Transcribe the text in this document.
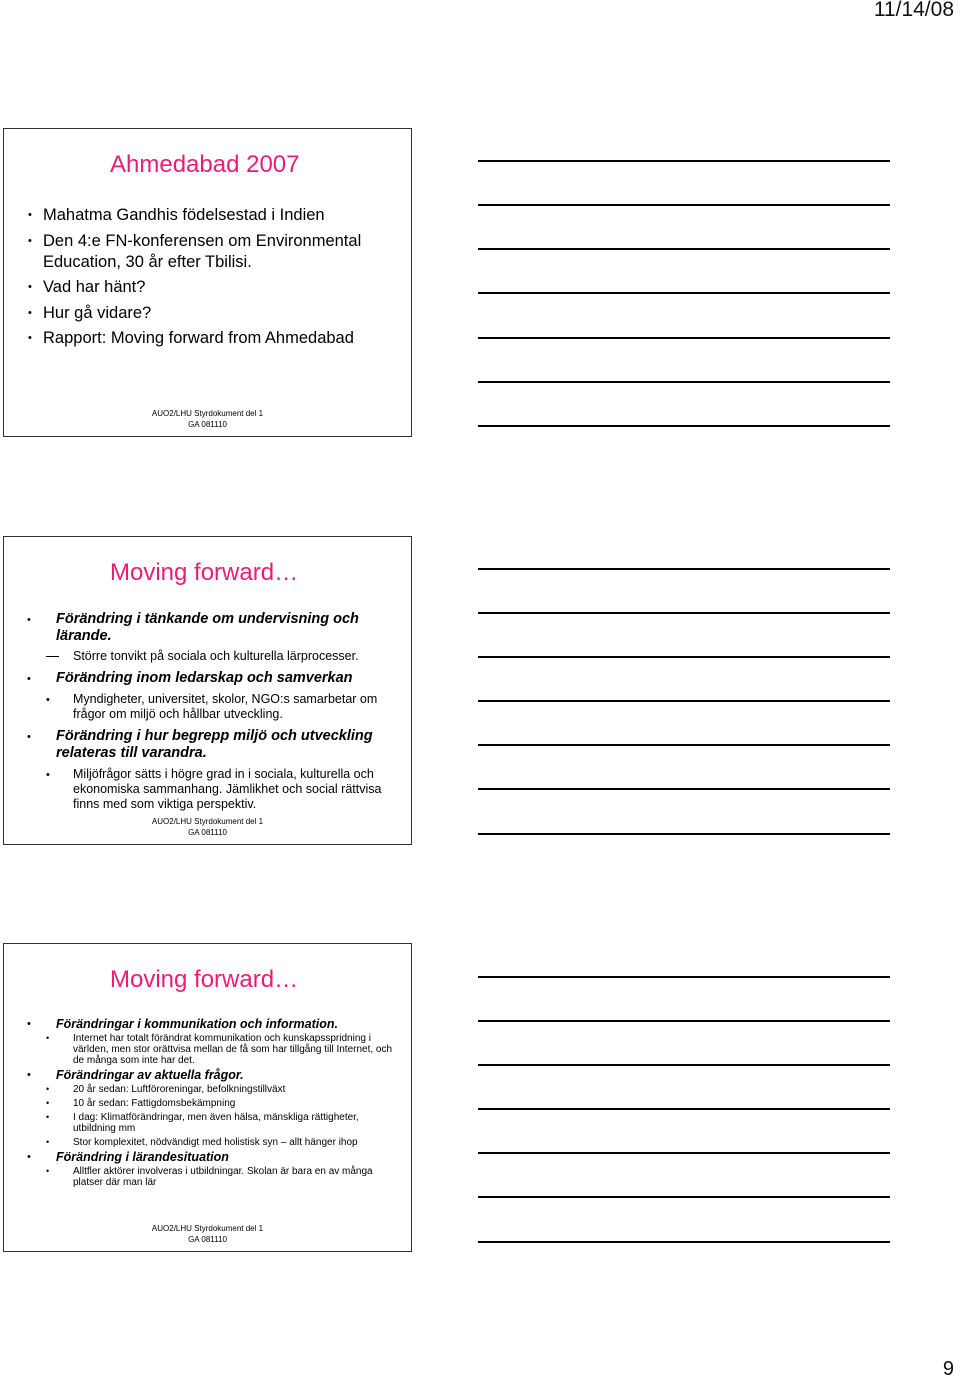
11/14/08
Ahmedabad 2007
• Mahatma Gandhis födelsestad i Indien
• Den 4:e FN-konferensen om Environmental Education, 30 år efter Tbilisi.
• Vad har hänt?
• Hur gå vidare?
• Rapport: Moving forward from Ahmedabad
AUO2/LHU Styrdokument del 1
GA 081110
Moving forward…
• Förändring i tänkande om undervisning och lärande.
Större tonvikt på sociala och kulturella lärprocesser.
• Förändring inom ledarskap och samverkan
• Myndigheter, universitet, skolor, NGO:s samarbetar om frågor om miljö och hållbar utveckling.
• Förändring i hur begrepp miljö och utveckling relateras till varandra.
• Miljöfrågor sätts i högre grad in i sociala, kulturella och ekonomiska sammanhang. Jämlikhet och social rättvisa finns med som viktiga perspektiv.
AUO2/LHU Styrdokument del 1
GA 081110
Moving forward…
• Förändringar i kommunikation och information.
• Internet har totalt förändrat kommunikation och kunskapsspridning i världen, men stor orättvisa mellan de få som har tillgång till Internet, och de många som inte har det.
• Förändringar av aktuella frågor.
• 20 år sedan: Luftföroreningar, befolkningstillväxt
• 10 år sedan: Fattigdomsbekämpning
• I dag: Klimatförändringar, men även hälsa, mänskliga rättigheter, utbildning mm
• Stor komplexitet, nödvändigt med holistisk syn – allt hänger ihop
• Förändring i lärandesituation
• Alltfler aktörer involveras i utbildningar. Skolan är bara en av många platser där man lär
AUO2/LHU Styrdokument del 1
GA 081110
9
